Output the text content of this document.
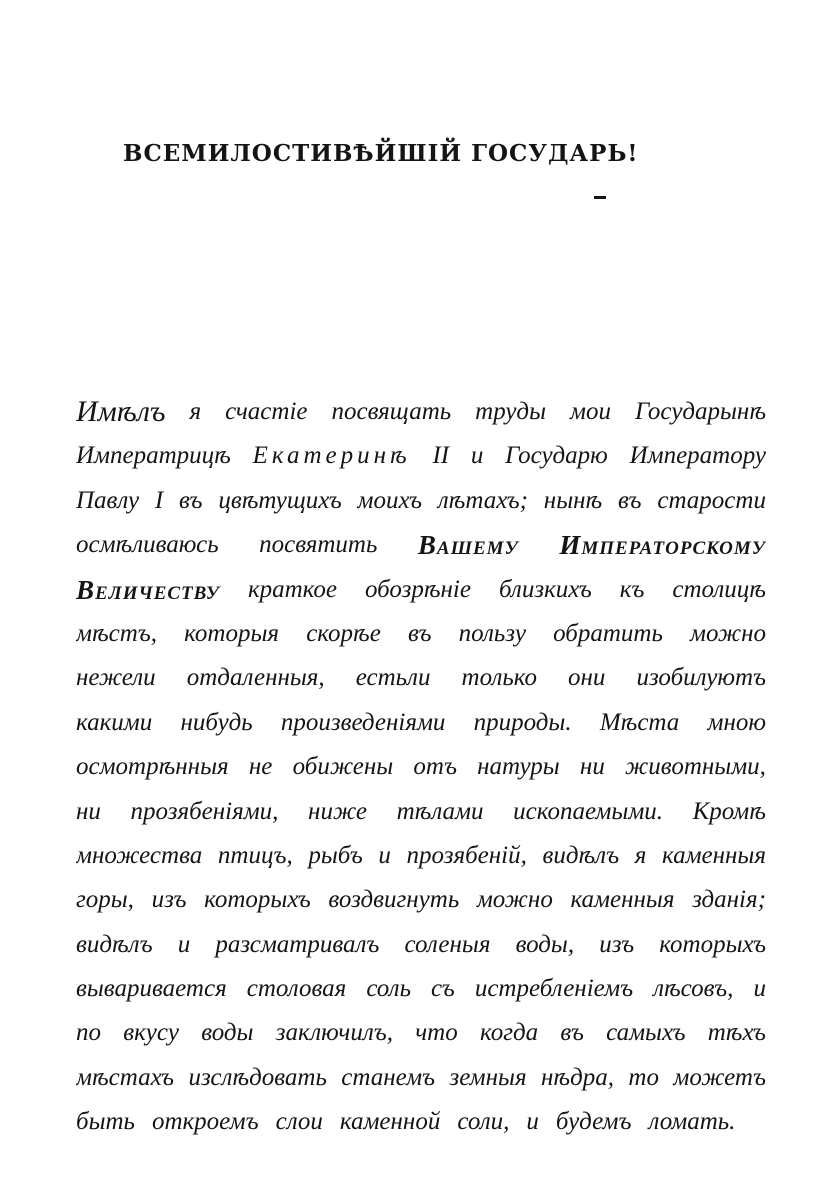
ВСЕМИЛОСТИВѢЙШІЙ ГОСУДАРЬ!
Имѣлъ я счастіе посвящать труды мои Государынѣ
Императрицѣ Екатеринѣ II и Государю Императору
Павлу I въ цвѣтущихъ моихъ лѣтахъ; нынѣ въ старости
осмѣливаюсь посвятить Вашему Императорскому
Величеству краткое обозрѣніе близкихъ къ столицѣ
мѣстъ, которыя скорѣе въ пользу обратить можно
нежели отдаленныя, естьли только они изобилуютъ
какими нибудь произведеніями природы. Мѣста мною
осмотрѣнныя не обижены отъ натуры ни животными,
ни прозябеніями, ниже тѣлами ископаемыми. Кромѣ
множества птицъ, рыбъ и прозябеній, видѣлъ я каменныя
горы, изъ которыхъ воздвигнуть можно каменныя зданія;
видѣлъ и разсматривалъ соленыя воды, изъ которыхъ
вывариваетcя столовая соль съ истребленіемъ лѣсовъ, и
по вкусу воды заключилъ, что когда въ самыхъ тѣхъ
мѣстахъ изслѣдовать станемъ земныя нѣдра, то можетъ
быть откроемъ слои каменной соли, и будемъ ломать.
